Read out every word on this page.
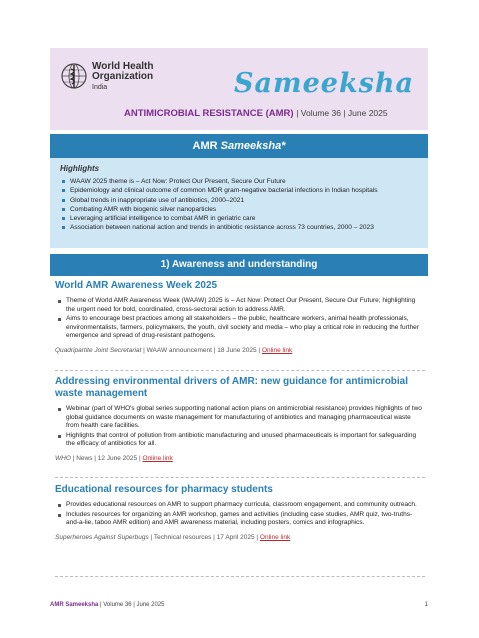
World Health
Organization
India	Sameeksha
ANTIMICROBIAL RESISTANCE (AMR) | Volume 36 | June 2025
AMR Sameeksha*
Highlights
WAAW 2025 theme is – Act Now: Protect Our Present, Secure Our Future
Epidemiology and clinical outcome of common MDR gram-negative bacterial infections in Indian hospitals
Global trends in inappropriate use of antibiotics, 2000–2021
Combating AMR with biogenic silver nanoparticles
Leveraging artificial intelligence to combat AMR in geriatric care
Association between national action and trends in antibiotic resistance across 73 countries, 2000 – 2023
1) Awareness and understanding
World AMR Awareness Week 2025
Theme of World AMR Awareness Week (WAAW) 2025 is – Act Now: Protect Our Present, Secure Our Future; highlighting the urgent need for bold, coordinated, cross-sectoral action to address AMR.
Aims to encourage best practices among all stakeholders – the public, healthcare workers, animal health professionals, environmentalists, farmers, policymakers, the youth, civil society and media – who play a critical role in reducing the further emergence and spread of drug-resistant pathogens.
Quadripartite Joint Secretariat | WAAW announcement | 18 June 2025 | Online link
Addressing environmental drivers of AMR: new guidance for antimicrobial waste management
Webinar (part of WHO's global series supporting national action plans on antimicrobial resistance) provides highlights of two global guidance documents on waste management for manufacturing of antibiotics and managing pharmaceutical waste from health care facilities.
Highlights that control of pollution from antibiotic manufacturing and unused pharmaceuticals is important for safeguarding the efficacy of antibiotics for all.
WHO | News | 12 June 2025 | Online link
Educational resources for pharmacy students
Provides educational resources on AMR to support pharmacy curricula, classroom engagement, and community outreach.
Includes resources for organizing an AMR workshop, games and activities (including case studies, AMR quiz, two-truths-and-a-lie, taboo AMR edition) and AMR awareness material, including posters, comics and infographics.
Superheroes Against Superbugs | Technical resources | 17 April 2025 | Online link
AMR Sameeksha | Volume 36 | June 2025	1
